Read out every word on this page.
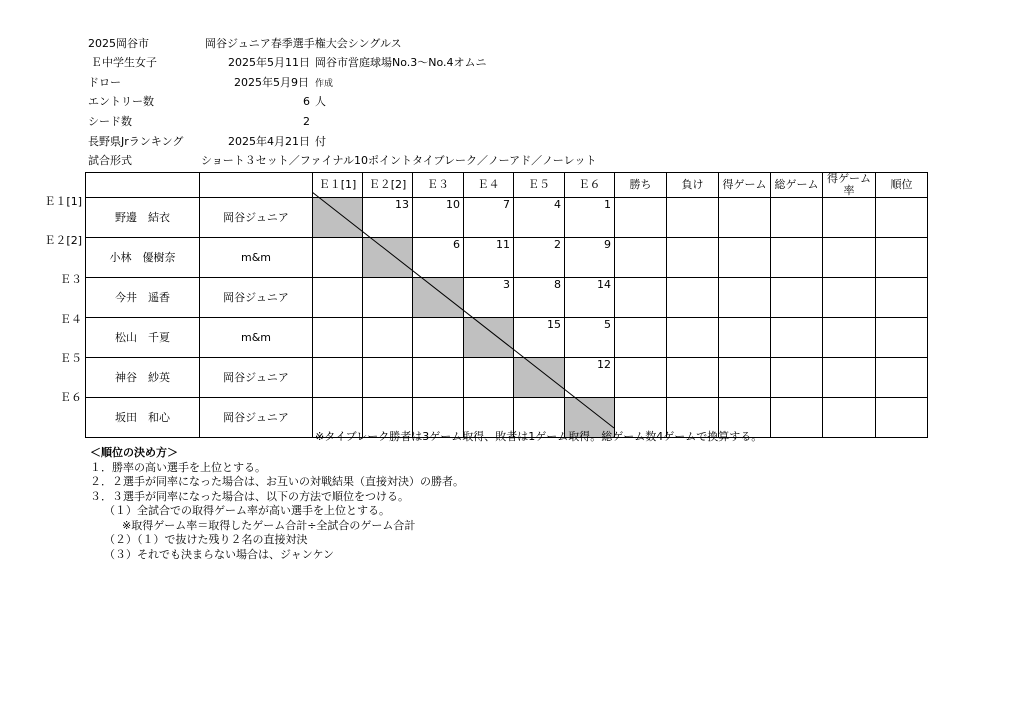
2025岡谷市	岡谷ジュニア春季選手権大会シングルス
Ｅ中学生女子	2025年5月11日 岡谷市営庭球場No.3〜No.4オムニ
ドロー	2025年5月9日 作成
エントリー数	6 人
シード数	2
長野県Jrランキング	2025年4月21日 付
試合形式	ショート３セット／ファイナル10ポイントタイブレーク／ノーアド／ノーレット
Ｅ１[1]
Ｅ２[2]
Ｅ３
Ｅ４
Ｅ５
Ｅ６
		Ｅ１[1]	Ｅ２[2]	Ｅ３	Ｅ４	Ｅ５	Ｅ６	勝ち	負け	得ゲーム	総ゲーム	得ゲーム率	順位
野邊　結衣	岡谷ジュニア		13	10	7	4	1						
小林　優樹奈	m&m			6	11	2	9						
今井　遥香	岡谷ジュニア				3	8	14						
松山　千夏	m&m					15	5						
神谷　紗英	岡谷ジュニア						12						
坂田　和心	岡谷ジュニア												
※タイブレーク勝者は3ゲーム取得、敗者は1ゲーム取得。総ゲーム数4ゲームで換算する。
＜順位の決め方＞
１．勝率の高い選手を上位とする。
２．２選手が同率になった場合は、お互いの対戦結果（直接対決）の勝者。
３．３選手が同率になった場合は、以下の方法で順位をつける。
（１）全試合での取得ゲーム率が高い選手を上位とする。
※取得ゲーム率＝取得したゲーム合計÷全試合のゲーム合計
（２）（１）で抜けた残り２名の直接対決
（３）それでも決まらない場合は、ジャンケン
